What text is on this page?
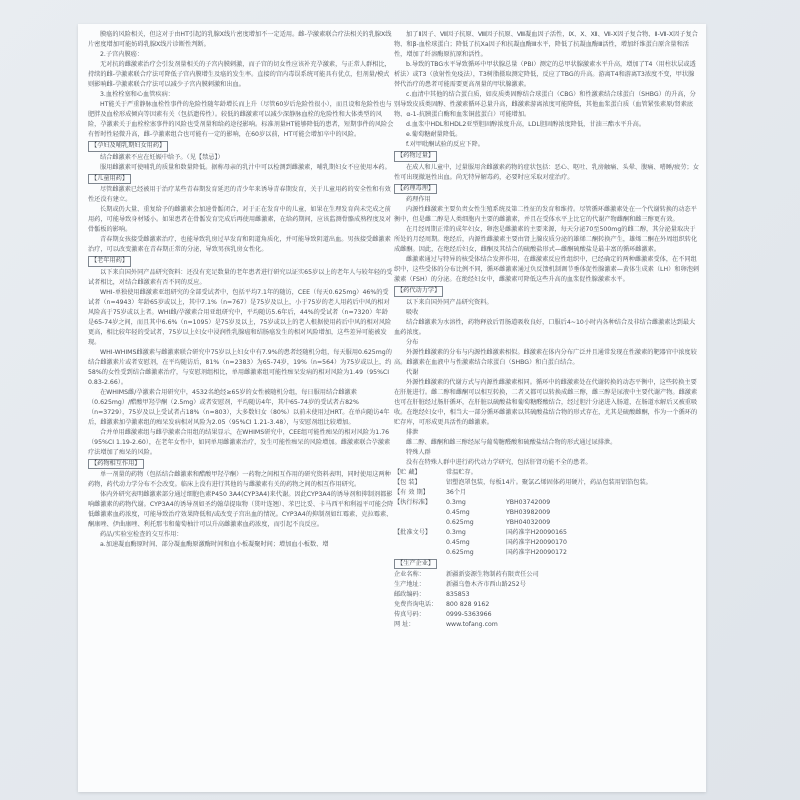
膜癌的风险相关，但这对于由HT引起的乳腺X线片密度增加不一定适用。雌-孕激素联合疗法相关的乳腺X线片密度增加可能妨碍乳腺X线片诊断性判断。
2.子宫内膜癌：
无对抗的雌激素治疗会引发剂量相关的子宫内膜刺激，而子宫的切女性应该补充孕激素，与正常人群相比，持续的雌-孕激素联合疗法可降低子宫内膜增生及癌的发生率。直接的宫内毒误系统可能具有优点，但剂量/模式则影响雌-孕激素联合疗法可以减少子宫内膜刺激和出血。
3.血栓栓塞和心血管疾病：
HT能关于严重静脉血栓性事件的危险性随年龄增长而上升（尽管60岁后危险性很小），而且设和危险性也与肥胖及血栓形成倾向等因素有关（包括遗传性）。较低的雌激素可以减少深静脉血栓的危险性和大体类型的风险，孕激素关于血栓栓塞事件的风险也受剂量和给药途径影响。标准剂量HT能够降低的患者，短期事件的风险会有暂时性轻微升高，雌-孕激素组合也可能有一定的影响，在60岁以前，HT可能会增加卒中的风险。
【孕妇及哺乳期妇女用药】
结合雌激素不应在妊娠中给予。（见【禁忌】）
服用雌激素可使哺乳的质量和数量降低。据称母亲的乳汁中可以检测到雌激素，哺乳期妇女不应使用本药。
【儿童用药】
尽管雌激素已经被用于治疗某些青春期发育延迟的青少年来诱导青春期发育，关于儿童用药的安全性和有效性还没有建立。
长期或仍大量、重复给予的雌激素会加速骨骺闭合，对于正在发育中的儿童，如果在生理发育尚未完成之前用药，可能导致身材矮小。如果患者在骨骺发育完成后再使用雌激素，在给药期间，应该监测骨骼成熟程度及对骨骺板的影响。
青春期女孩接受雌激素治疗，也能导致乳房过早发育和阴道角质化，并可能导致阴道出血。男孩接受雌激素治疗，可以改变激素在青春期正常的分泌，导致男孩乳房女性化。
【老年用药】
以下来自国外同产品研究资料：还没有充足数量的老年患者进行研究以证实65岁以上的老年人与较年轻的受试者相比，对结合雌激素有否不同的反应。
WHI-单独使用雌激素亚组研究的全部受试者中，包括平均7.1年的随访，CEE（每天0.625mg）46%的受试者（n=4943）年龄65岁或以上，其中7.1%（n=767）是75岁及以上，小于75岁的老人用药后中风的相对风险高于75岁或以上者。WHI雌/孕激素合用亚组研究中，平均随访5.6年后，44%的受试者（n=7320）年龄是65-74岁之间，而且其中6.6%（n=1095）是75岁及以上，75岁或以上的老人根据使用药后中风的相对风险更高，相比较年轻的受试者，75岁以上妇女中浸润性乳腺癌和结肠癌发生的相对风险增加，这些差异可能被发现。
WHI-WHIMS雌激素与雌激素联合研究中75岁以上妇女中有7.9%的患者经随机分组，每天服用0.625mg的结合雌激素片或者安慰剂，在平均随访后，81%（n=2383）为65-74岁，19%（n=564）为75岁或以上，约58%的女性受到结合雌激素治疗，与安慰剂组相比，单用雌激素组可能性痴呆发病的相对风险为1.49（95%CI 0.83-2.66）。
在WHIMS雌/孕激素合用研究中，4532名绝经≥65岁的女性被随机分组，每日服用结合雌激素（0.625mg）/醋酸甲羟孕酮（2.5mg）或者安慰剂，平均随访4年，其中65-74岁的受试者占82%（n=3729），75岁及以上受试者占18%（n=803），大多数妇女（80%）以前未使用过HRT。在单向随访4年后，雌激素加孕激素组的痴呆发病相对风险为2.05（95%CI 1.21-3.48），与安慰剂组比较增加。
合并单用雌激素组与雌孕激素合用组的结果显示，在WHIMS研究中，CEE组可能性痴呆的相对风险为1.76（95%CI 1.19-2.60），在老年女性中，如同单用雌激素治疗，发生可能性痴呆的风险增加。雌激素联合孕激素疗法增加了痴呆的风险。
【药物相互作用】
单一剂量的药物（包括结合雌激素和醋酸甲羟孕酮）一药物之间相互作用的研究资料表明，同时使用这两种药物，药代动力学分布不会改变。临床上没有进行其他的与雌激素有关的药物之间的相互作用研究。
体内外研究表明雌激素部分通过细胞色素P450 3A4(CYP3A4)来代谢。因此CYP3A4的诱导剂和抑制剂都影响雌激素的药物代谢。CYP3A4的诱导剂如圣约翰草提取物（贯叶连翘）、苯巴比妥、卡马西平和利福平可能会降低雌激素血药浓度，可能导致治疗效果降低和/或改变子宫出血的情况。CYP3A4的抑制剂如红霉素、克拉霉素、酮康唑、伊曲康唑、利托那韦和葡萄柚汁可以升高雌激素血药浓度，而引起不良反应。
药品/实验室检查的交互作用：
a.加速凝血酶原时间、部分凝血酶原激酶时间和血小板凝聚时间；增加血小板数、增
加了Ⅱ因子、Ⅶ因子抗原、Ⅷ因子抗原、Ⅷ凝血因子活性，Ⅸ、Ⅹ、Ⅻ、Ⅶ-Ⅹ因子复合物、Ⅱ-Ⅶ-Ⅹ因子复合物、和β-血栓球蛋白；降低了抗Ⅹa因子和抗凝血酶Ⅲ水平，降低了抗凝血酶Ⅲ活性，增加纤维蛋白原含量和活性，增加了纤溶酶原抗原和活性。
b.导致的TBG水平导致循环中甲状腺总量（PBI）测定的总甲状腺激素水平升高，增加了T4（用柱状层或透析法）或T3（放射性免疫法），T3树脂摄取测定降低，反应了TBG的升高。游离T4和游离T3浓度不变，甲状腺替代治疗的患者可能需要更高剂量的甲状腺激素。
c.血清中其他的结合蛋白质，如皮质类固醇结合球蛋白（CBG）和性激素结合球蛋白（SHBG）的升高，分别导致皮质类固醇、性激素循环总量升高，雌激素游离浓度可能降低，其他血浆蛋白质（血管紧张素原/肾素底物、α-1-抗胰蛋白酶和血浆铜蓝蛋白）可能增加。
d.血浆中HDL和HDL2亚型胆固醇浓度升高，LDL胆固醇浓度降低，甘油三酯水平升高。
e.葡萄糖耐量降低。
f.对甲吡酮试验的反应下降。
【药物过量】
在成人和儿童中，过量服用含雌激素药物的症状包括：恶心、呕吐、乳房触痛、头晕、腹痛、嗜睡/疲劳；女性可出现撤退性出血。尚无特异解毒药，必要时应采取对症治疗。
【药理毒理】
药理作用
内源性雌激素主要负责女性生殖系统及第二性征的发育和维持。尽管循环雌激素处在一个代谢转换的动态平衡中，但是雌二醇是人类细胞内主要的雌激素，并且在受体水平上比它的代谢产物雌酮和雌三醇更有效。
在月经周期正常的成年妇女，卵泡是雌激素的主要来源，每天分泌70至500mg的雌二醇，其分泌量取决于所处的月经周期。绝经后，内源性雌激素主要由肾上腺皮质分泌的雄烯二酮转换产生，雄烯二酮在外周组织转化成雌酮。因此，在绝经后妇女，雌酮及其结合的硫酸盐形式—雌酮硫酸盐是最丰富的循环雌激素。
雌激素通过与特异的核受体结合发挥作用，在雌激素反应性组织中，已经确定的两种雌激素受体，在不同组织中，这些受体的分布比例不同，循环雌激素通过负反馈机制调节垂体促性腺激素—黄体生成素（LH）和卵泡刺激素（FSH）的分泌。在绝经妇女中，雌激素可降低这些升高的血浆促性腺激素水平。
【药代动力学】
以下来自国外同产品研究资料。
吸收
结合雌激素为水溶性，药物释放后胃肠道吸收良好，口服后4~10小时内各种结合及非结合雌激素达到最大血药浓度。
分布
外源性雌激素的分布与内源性雌激素相似。雌激素在体内分布广泛并且通常发现在性激素的靶器官中浓度较高。雌激素在血液中与性激素结合球蛋白（SHBG）和白蛋白结合。
代谢
外源性雌激素的代谢方式与内源性雌激素相同。循环中的雌激素处在代谢转换的动态平衡中，这些转换主要在肝脏进行。雌二醇和雌酮可以相互转换，二者又都可以转换成雌三醇，雌三醇是尿液中主要代谢产物。雌激素也可在肝脏经过肠肝循环，在肝脏以硫酸盐和葡萄糖醛酸结合，经过胆汁分泌进入肠道，在肠道水解后又被重吸收。在绝经妇女中，相当大一部分循环雌激素以其硫酸盐结合物的形式存在，尤其是硫酸雌酮，作为一个循环的贮存库，可形成更具活性的雌激素。
排泄
雌二醇、雌酮和雌三醇经尿与葡萄糖醛酸和硫酸盐结合物的形式通过尿排泄。
特殊人群
没有在特殊人群中进行药代动力学研究，包括肝肾功能不全的患者。
【贮 藏】	常温贮存。
【包 装】	铝塑泡罩包装，每板14片。聚氯乙烯固体药用硬片，药品包装用铝箔包装。
【有 效 期】	36个月
【执行标准】	0.3mg	YBH03742009
0.45mg	YBH03982009
0.625mg	YBH04032009
【批准文号】	0.3mg	国药准字H20090165
0.45mg	国药准字H20090170
0.625mg	国药准字H20090172
【生产企业】
企业名称：	新疆新姿源生物制药有限责任公司
生产地址：	新疆乌鲁木齐市西山路252号
邮政编码：	835853
免费咨询电话：	800 828 9162
传真号码：	0999-5363966
网 址：	www.tofang.com
